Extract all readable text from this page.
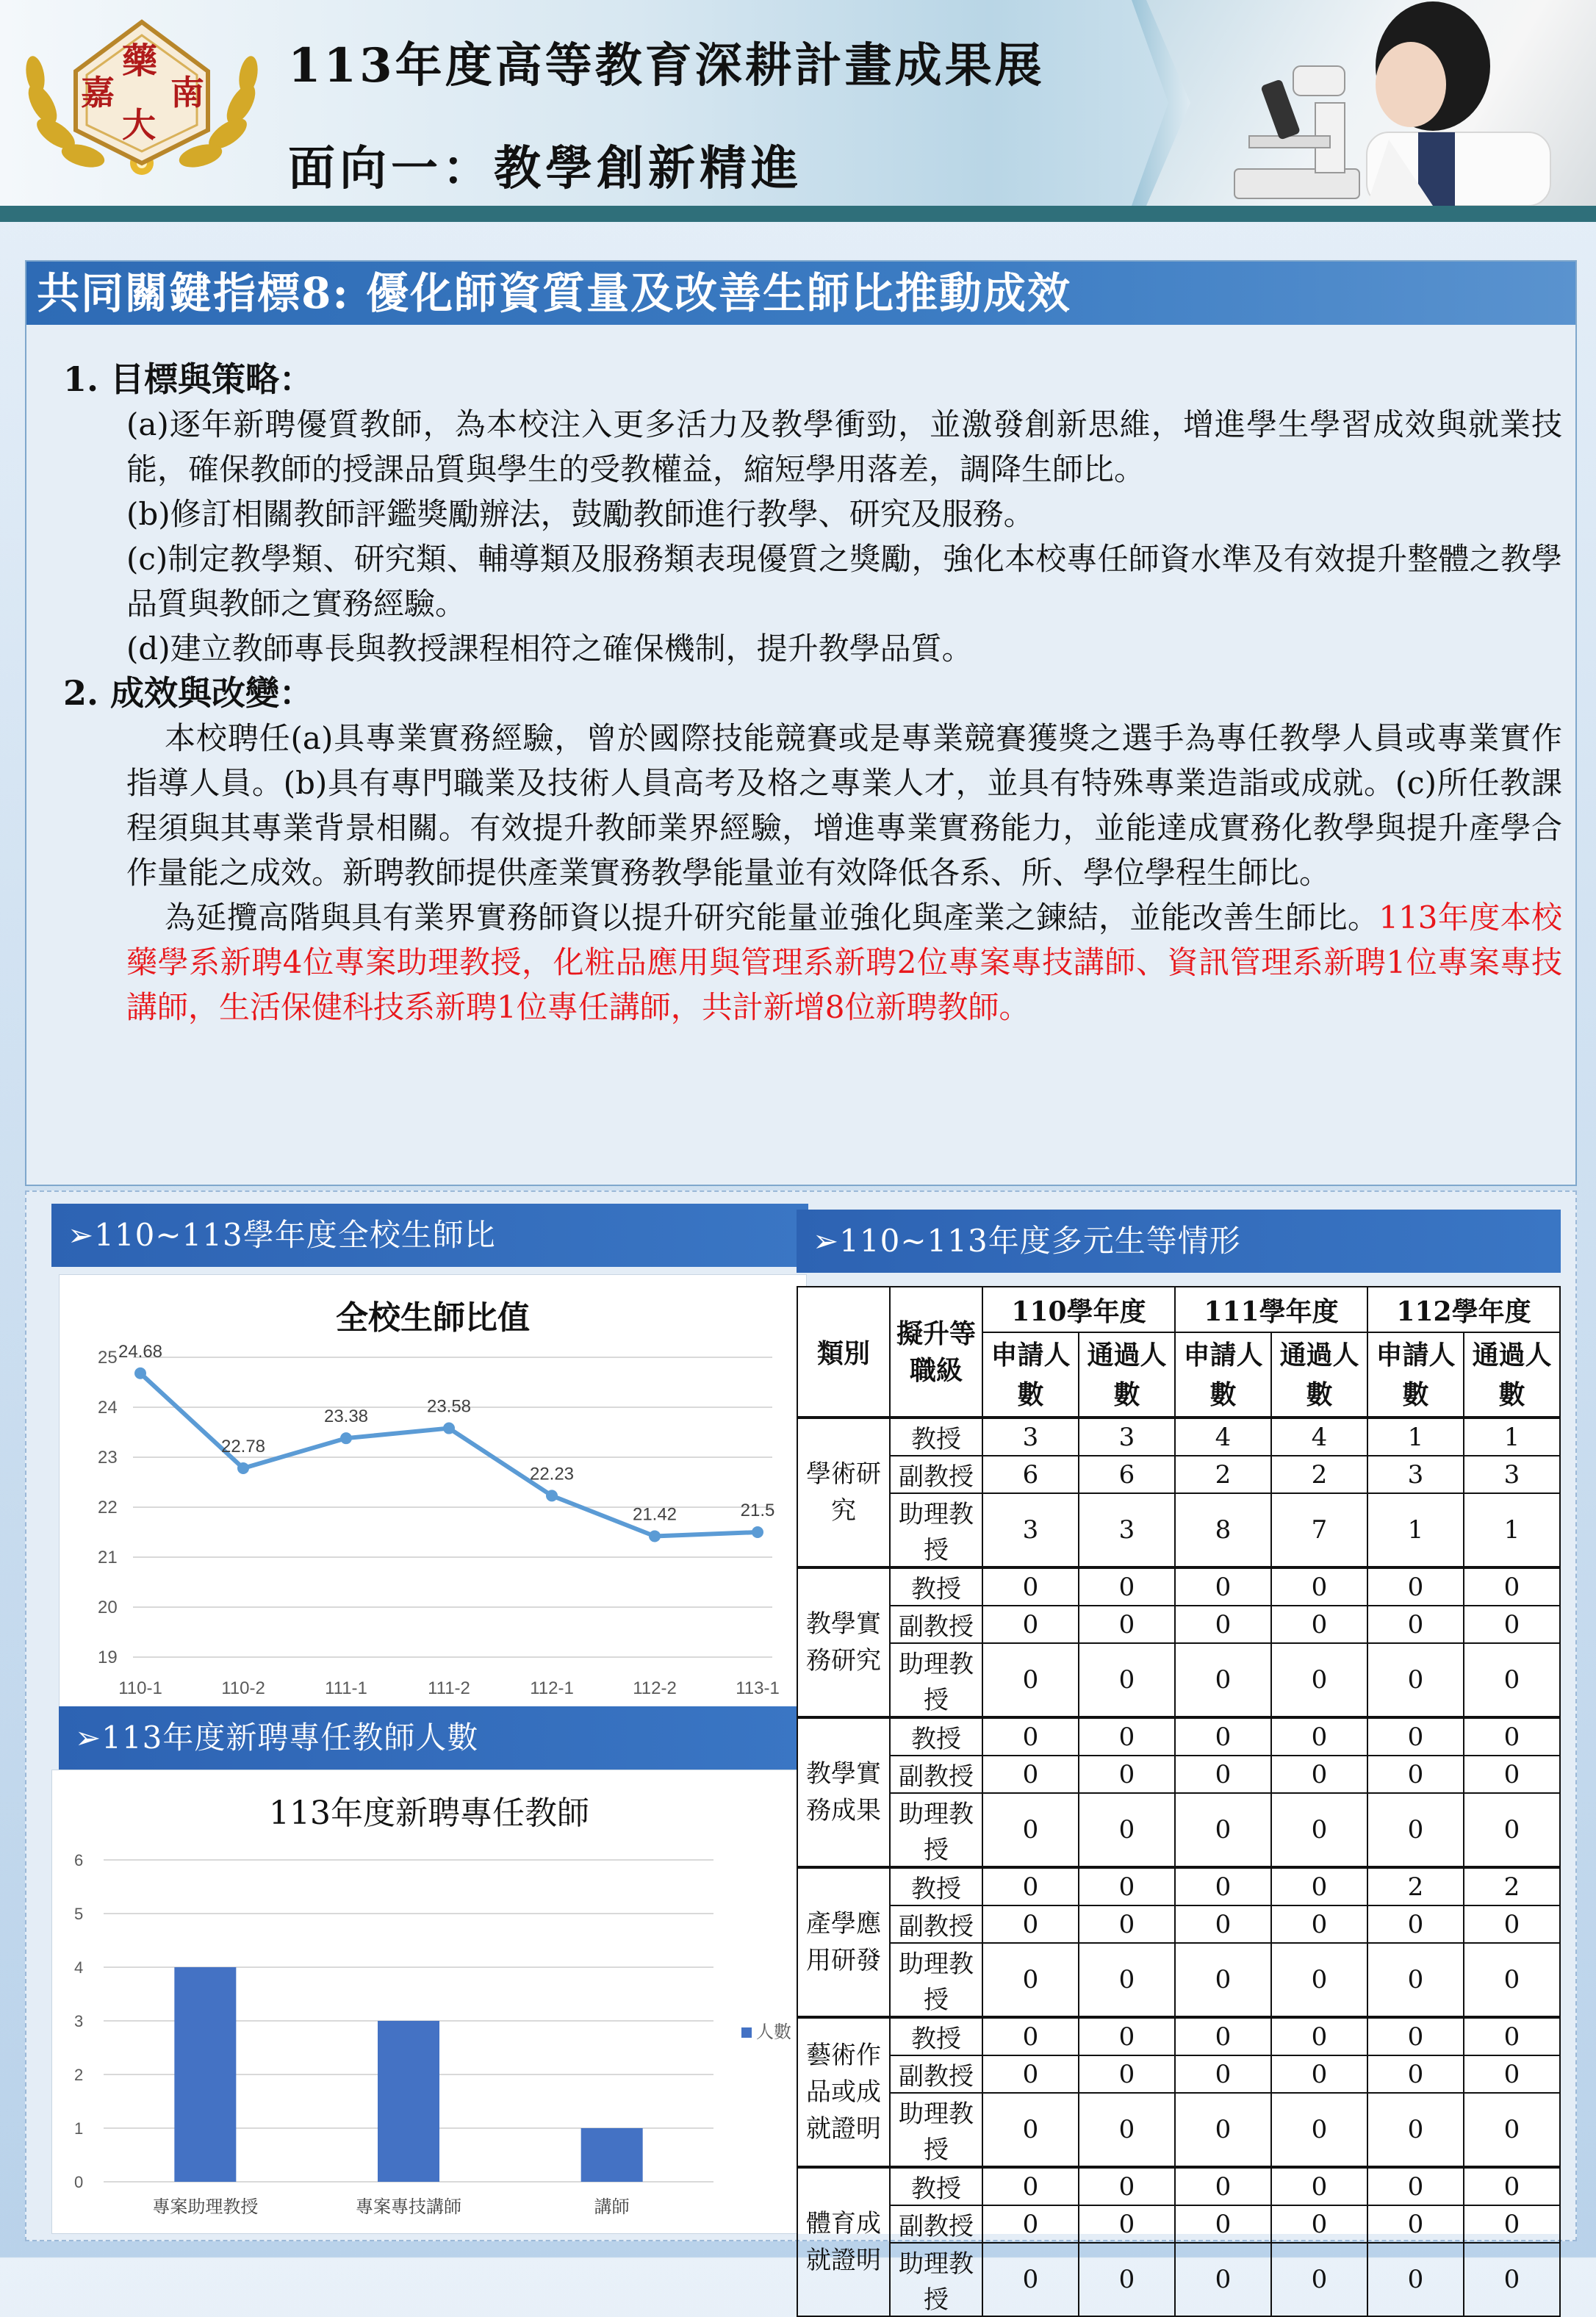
藥
嘉 南
大
113年度高等教育深耕計畫成果展
面向一：教學創新精進
共同關鍵指標8: 優化師資質量及改善生師比推動成效
1. 目標與策略：
(a)逐年新聘優質教師，為本校注入更多活力及教學衝勁，並激發創新思維，增進學生學習成效與就業技能，確保教師的授課品質與學生的受教權益，縮短學用落差，調降生師比。
(b)修訂相關教師評鑑獎勵辦法，鼓勵教師進行教學、研究及服務。
(c)制定教學類、研究類、輔導類及服務類表現優質之獎勵，強化本校專任師資水準及有效提升整體之教學品質與教師之實務經驗。
(d)建立教師專長與教授課程相符之確保機制，提升教學品質。
2. 成效與改變：
本校聘任(a)具專業實務經驗，曾於國際技能競賽或是專業競賽獲獎之選手為專任教學人員或專業實作指導人員。(b)具有專門職業及技術人員高考及格之專業人才，並具有特殊專業造詣或成就。(c)所任教課程須與其專業背景相關。有效提升教師業界經驗，增進專業實務能力，並能達成實務化教學與提升產學合作量能之成效。新聘教師提供產業實務教學能量並有效降低各系、所、學位學程生師比。
為延攬高階與具有業界實務師資以提升研究能量並強化與產業之鍊結，並能改善生師比。113年度本校藥學系新聘4位專案助理教授，化粧品應用與管理系新聘2位專案專技講師、資訊管理系新聘1位專案專技講師，生活保健科技系新聘1位專任講師，共計新增8位新聘教師。
➢110~113學年度全校生師比
全校生師比值
25
24
23
22
21
20
19
24.68
22.78
23.38
23.58
22.23
21.42	21.5
110-1	110-2	111-1	111-2	112-1	112-2	113-1
➢113年度新聘專任教師人數
113年度新聘專任教師
6
5
4
3
2
1
0
專案助理教授	專案專技講師	講師
人數
➢110~113年度多元生等情形
類別	擬升等職級	110學年度		111學年度		112學年度	
		申請人數	通過人數	申請人數	通過人數	申請人數	通過人數
學術研究	教授	3	3	4	4	1	1
	副教授	6	6	2	2	3	3
	助理教授	3	3	8	7	1	1
教學實務研究	教授	0	0	0	0	0	0
	副教授	0	0	0	0	0	0
	助理教授	0	0	0	0	0	0
教學實務成果	教授	0	0	0	0	0	0
	副教授	0	0	0	0	0	0
	助理教授	0	0	0	0	0	0
產學應用研發	教授	0	0	0	0	2	2
	副教授	0	0	0	0	0	0
	助理教授	0	0	0	0	0	0
藝術作品或成就證明	教授	0	0	0	0	0	0
	副教授	0	0	0	0	0	0
	助理教授	0	0	0	0	0	0
體育成就證明	教授	0	0	0	0	0	0
	副教授	0	0	0	0	0	0
	助理教授	0	0	0	0	0	0
